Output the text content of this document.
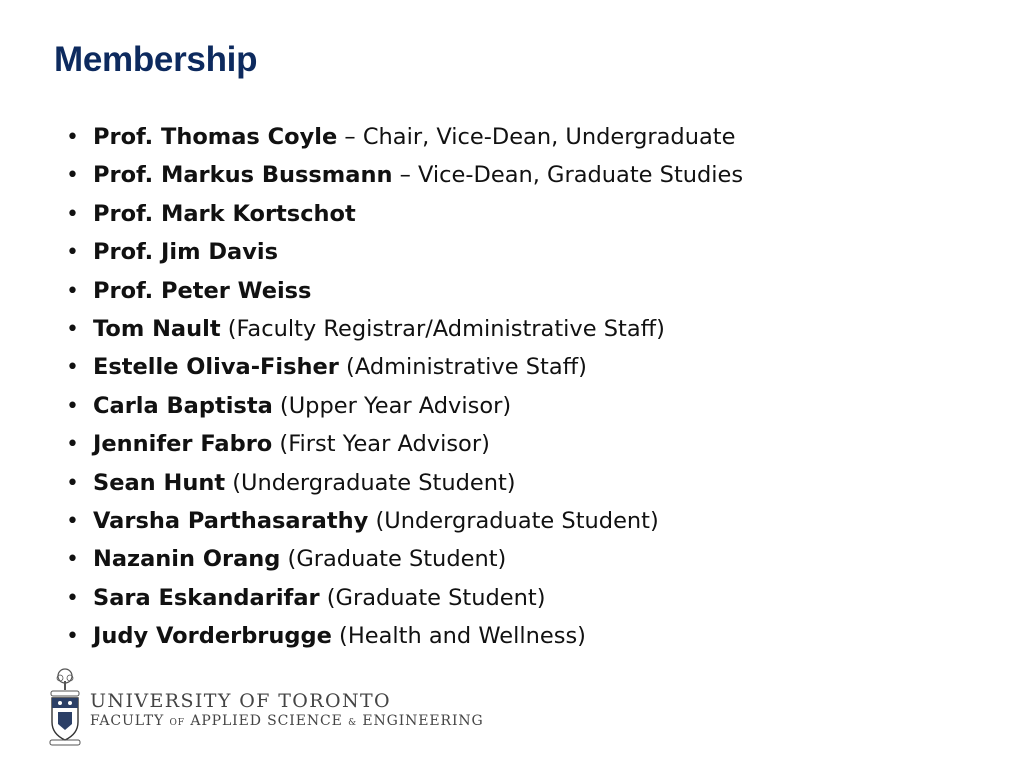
Membership
• Prof. Thomas Coyle – Chair, Vice-Dean, Undergraduate
• Prof. Markus Bussmann – Vice-Dean, Graduate Studies
• Prof. Mark Kortschot
• Prof. Jim Davis
• Prof. Peter Weiss
• Tom Nault (Faculty Registrar/Administrative Staff)
• Estelle Oliva-Fisher (Administrative Staff)
• Carla Baptista (Upper Year Advisor)
• Jennifer Fabro (First Year Advisor)
• Sean Hunt (Undergraduate Student)
• Varsha Parthasarathy (Undergraduate Student)
• Nazanin Orang (Graduate Student)
• Sara Eskandarifar (Graduate Student)
• Judy Vorderbrugge (Health and Wellness)
UNIVERSITY OF TORONTO
FACULTY OF APPLIED SCIENCE & ENGINEERING
